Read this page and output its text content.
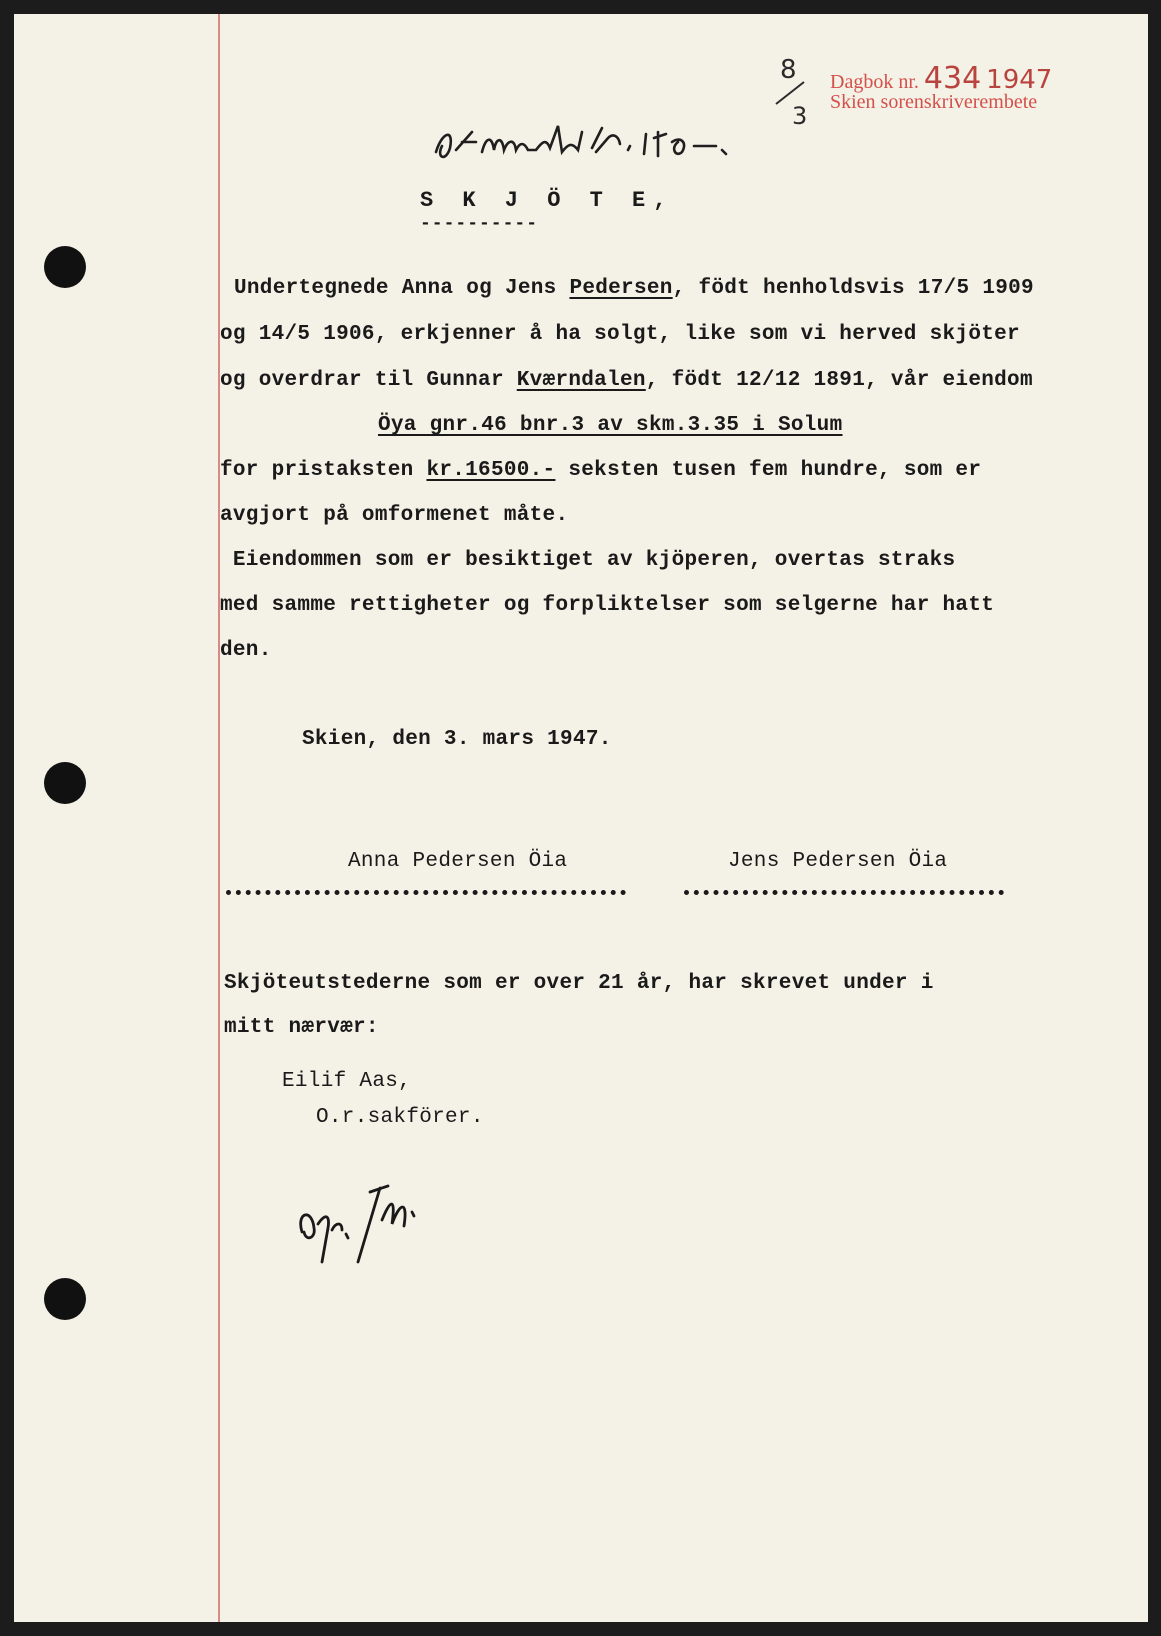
Dagbok nr. 434 1947
Skien sorenskriverembete
8
3
S K J Ö T E,
----------
Undertegnede Anna og Jens Pedersen, födt henholdsvis 17/5 1909
og 14/5 1906, erkjenner å ha solgt, like som vi herved skjöter
og overdrar til Gunnar Kværndalen, födt 12/12 1891, vår eiendom
Öya gnr.46 bnr.3 av skm.3.35 i Solum
for pristaksten kr.16500.- seksten tusen fem hundre, som er
avgjort på omformenet måte.
Eiendommen som er besiktiget av kjöperen, overtas straks
med samme rettigheter og forpliktelser som selgerne har hatt
den.
Skien, den 3. mars 1947.
Anna Pedersen Öia	Jens Pedersen Öia
Skjöteutstederne som er over 21 år, har skrevet under i
mitt nærvær:
Eilif Aas,
O.r.sakförer.
